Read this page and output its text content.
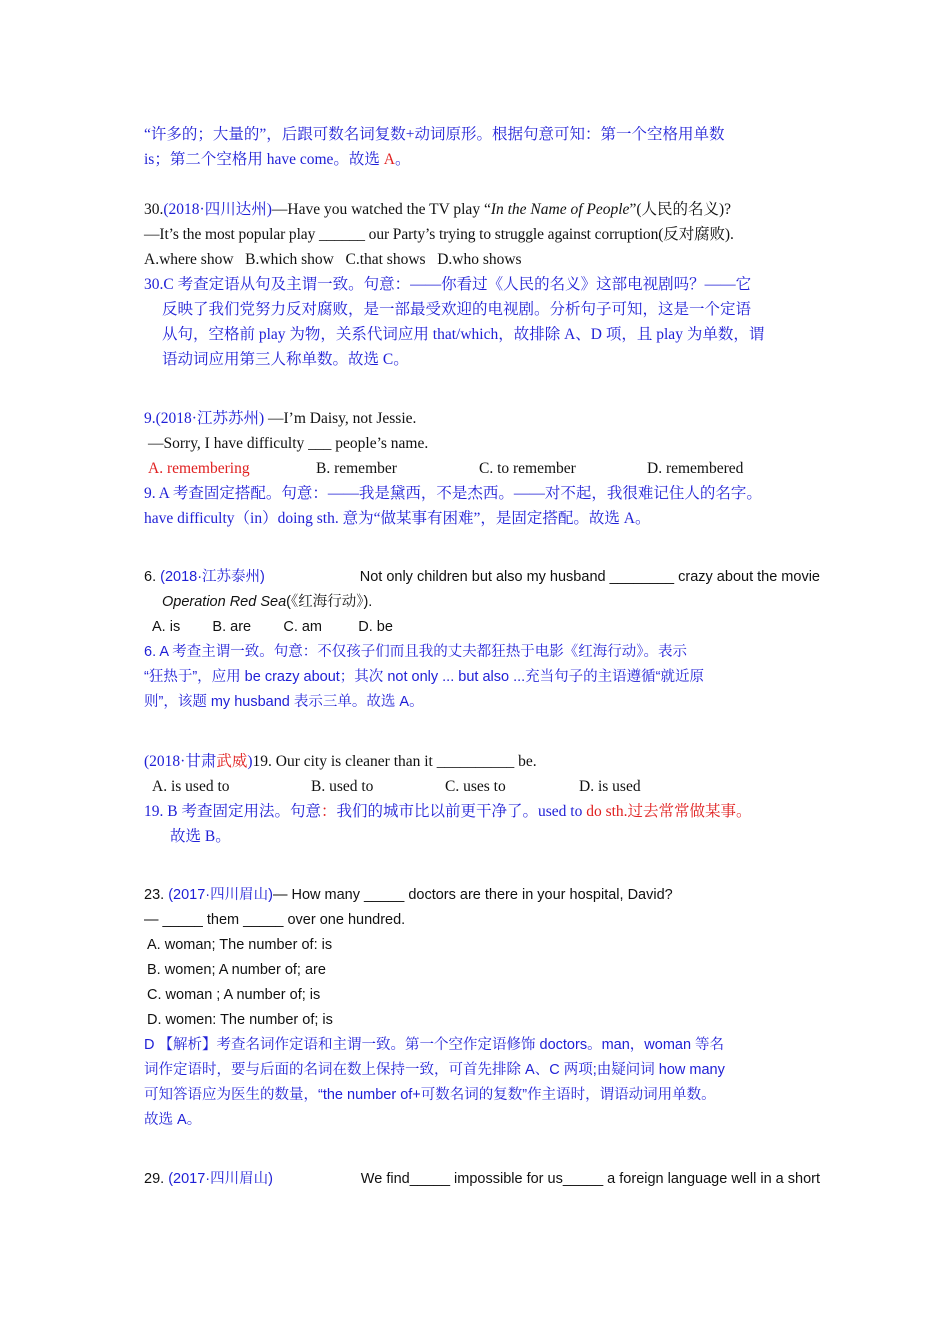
“许多的；大量的”，后跟可数名词复数+动词原形。根据句意可知：第一个空格用单数
is；第二个空格用 have come。故选 A。
30.(2018·四川达州)—Have you watched the TV play “In the Name of People”(人民的名义)?
—It’s the most popular play ______ our Party’s trying to struggle against corruption(反对腐败).
A.where show   B.which show   C.that shows   D.who shows
30.C 考查定语从句及主谓一致。句意：——你看过《人民的名义》这部电视剧吗？——它
反映了我们党努力反对腐败，是一部最受欢迎的电视剧。分析句子可知，这是一个定语
从句，空格前 play 为物，关系代词应用 that/which，故排除 A、D 项，且 play 为单数，谓
语动词应用第三人称单数。故选 C。
9.(2018·江苏苏州) —I’m Daisy, not Jessie.
—Sorry, I have difficulty ___ people’s name.
A. remembering	B. remember	C. to remember	D. remembered
9. A 考查固定搭配。句意：——我是黛西，不是杰西。——对不起，我很难记住人的名字。
have difficulty（in）doing sth. 意为“做某事有困难”，是固定搭配。故选 A。
6. (2018·江苏泰州)	Not only children but also my husband ________ crazy about the movie
Operation Red Sea(《红海行动》).
A. is        B. are        C. am         D. be
6. A 考查主谓一致。句意：不仅孩子们而且我的丈夫都狂热于电影《红海行动》。表示
“狂热于”，应用 be crazy about；其次 not only ... but also ...充当句子的主语遵循“就近原
则”，该题 my husband 表示三单。故选 A。
(2018·甘肃武威)19. Our city is cleaner than it __________ be.
A. is used to	B. used to	C. uses to	D. is used
19. B 考查固定用法。句意：我们的城市比以前更干净了。used to do sth.过去常常做某事。
故选 B。
23. (2017·四川眉山)— How many _____ doctors are there in your hospital, David?
— _____ them _____ over one hundred.
A. woman; The number of: is
B. women; A number of; are
C. woman ; A number of; is
D. women: The number of; is
D 【解析】考查名词作定语和主谓一致。第一个空作定语修饰 doctors。man，woman 等名
词作定语时，要与后面的名词在数上保持一致，可首先排除 A、C 两项;由疑问词 how many
可知答语应为医生的数量，“the number of+可数名词的复数”作主语时，谓语动词用单数。
故选 A。
29. (2017·四川眉山)	We find_____ impossible for us_____ a foreign language well in a short
